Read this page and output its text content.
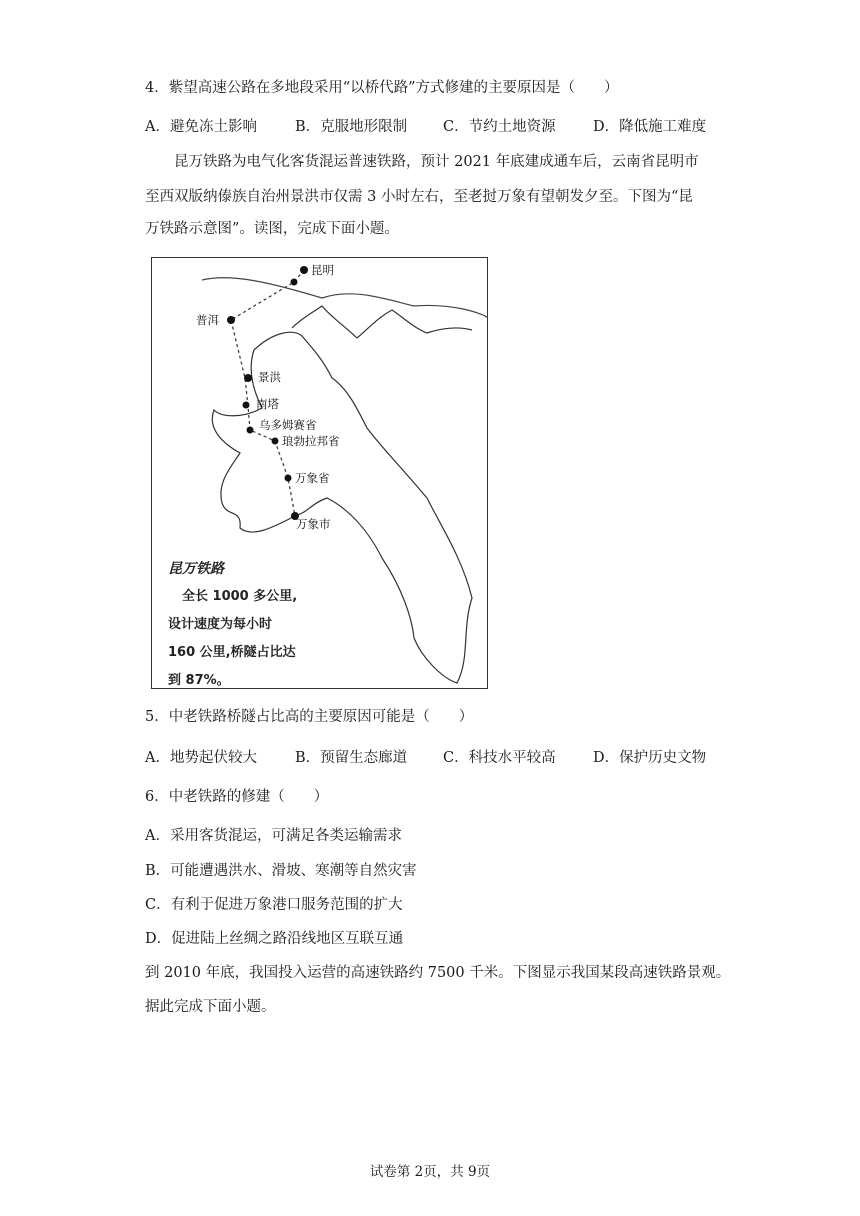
4．紫望高速公路在多地段采用“以桥代路”方式修建的主要原因是（　　）
A．避免冻土影响	B．克服地形限制 C．节约土地资源	D．降低施工难度
昆万铁路为电气化客货混运普速铁路，预计 2021 年底建成通车后，云南省昆明市
至西双版纳傣族自治州景洪市仅需 3 小时左右，至老挝万象有望朝发夕至。下图为“昆
万铁路示意图”。读图，完成下面小题。
昆明
普洱
景洪
南塔
乌多姆赛省
琅勃拉邦省
万象省
万象市
昆万铁路
全长 1000 多公里,
设计速度为每小时
160 公里,桥隧占比达
到 87%。
5．中老铁路桥隧占比高的主要原因可能是（　　）
A．地势起伏较大	B．预留生态廊道 C．科技水平较高	D．保护历史文物
6．中老铁路的修建（　　）
A．采用客货混运，可满足各类运输需求
B．可能遭遇洪水、滑坡、寒潮等自然灾害
C．有利于促进万象港口服务范围的扩大
D．促进陆上丝绸之路沿线地区互联互通
到 2010 年底，我国投入运营的高速铁路约 7500 千米。下图显示我国某段高速铁路景观。
据此完成下面小题。
试卷第 2页，共 9页
